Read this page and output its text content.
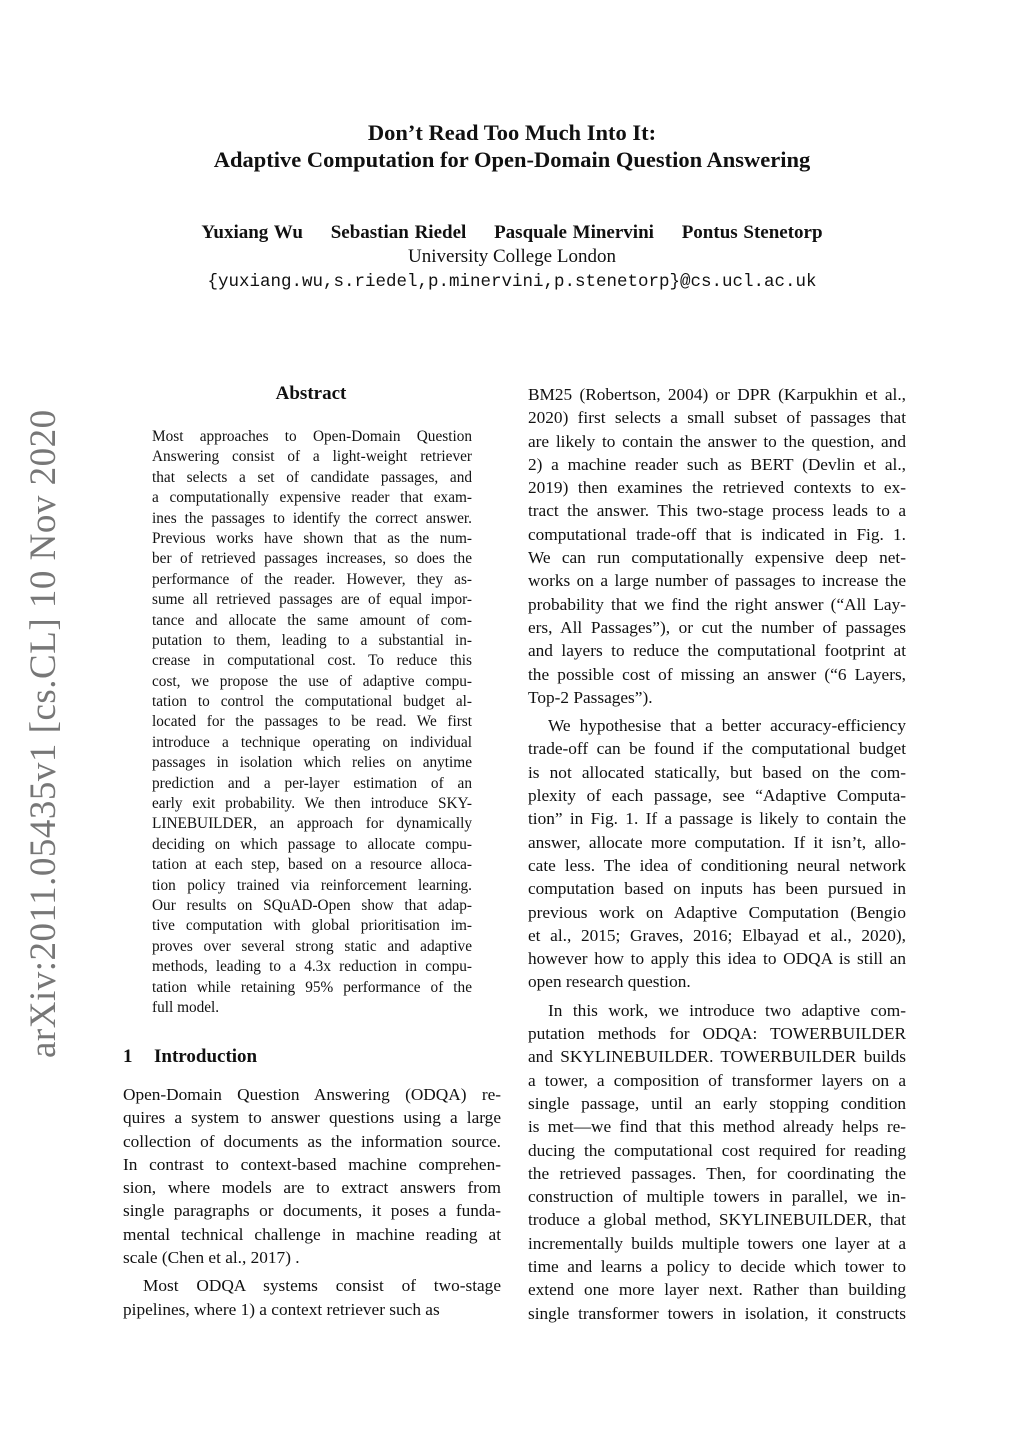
Don’t Read Too Much Into It:
Adaptive Computation for Open-Domain Question Answering
Yuxiang Wu Sebastian Riedel Pasquale Minervini Pontus Stenetorp
University College London
{yuxiang.wu,s.riedel,p.minervini,p.stenetorp}@cs.ucl.ac.uk
arXiv:2011.05435v1 [cs.CL] 10 Nov 2020
Abstract
Most approaches to Open-Domain Question
Answering consist of a light-weight retriever
that selects a set of candidate passages, and
a computationally expensive reader that exam-
ines the passages to identify the correct answer.
Previous works have shown that as the num-
ber of retrieved passages increases, so does the
performance of the reader. However, they as-
sume all retrieved passages are of equal impor-
tance and allocate the same amount of com-
putation to them, leading to a substantial in-
crease in computational cost. To reduce this
cost, we propose the use of adaptive compu-
tation to control the computational budget al-
located for the passages to be read. We first
introduce a technique operating on individual
passages in isolation which relies on anytime
prediction and a per-layer estimation of an
early exit probability. We then introduce SKY-
LINEBUILDER, an approach for dynamically
deciding on which passage to allocate compu-
tation at each step, based on a resource alloca-
tion policy trained via reinforcement learning.
Our results on SQuAD-Open show that adap-
tive computation with global prioritisation im-
proves over several strong static and adaptive
methods, leading to a 4.3x reduction in compu-
tation while retaining 95% performance of the
full model.
1 Introduction
Open-Domain Question Answering (ODQA) re-
quires a system to answer questions using a large
collection of documents as the information source.
In contrast to context-based machine comprehen-
sion, where models are to extract answers from
single paragraphs or documents, it poses a funda-
mental technical challenge in machine reading at
scale (Chen et al., 2017) .
Most ODQA systems consist of two-stage
pipelines, where 1) a context retriever such as
BM25 (Robertson, 2004) or DPR (Karpukhin et al.,
2020) first selects a small subset of passages that
are likely to contain the answer to the question, and
2) a machine reader such as BERT (Devlin et al.,
2019) then examines the retrieved contexts to ex-
tract the answer. This two-stage process leads to a
computational trade-off that is indicated in Fig. 1.
We can run computationally expensive deep net-
works on a large number of passages to increase the
probability that we find the right answer (“All Lay-
ers, All Passages”), or cut the number of passages
and layers to reduce the computational footprint at
the possible cost of missing an answer (“6 Layers,
Top-2 Passages”).
We hypothesise that a better accuracy-efficiency
trade-off can be found if the computational budget
is not allocated statically, but based on the com-
plexity of each passage, see “Adaptive Computa-
tion” in Fig. 1. If a passage is likely to contain the
answer, allocate more computation. If it isn’t, allo-
cate less. The idea of conditioning neural network
computation based on inputs has been pursued in
previous work on Adaptive Computation (Bengio
et al., 2015; Graves, 2016; Elbayad et al., 2020),
however how to apply this idea to ODQA is still an
open research question.
In this work, we introduce two adaptive com-
putation methods for ODQA: TOWERBUILDER
and SKYLINEBUILDER. TOWERBUILDER builds
a tower, a composition of transformer layers on a
single passage, until an early stopping condition
is met—we find that this method already helps re-
ducing the computational cost required for reading
the retrieved passages. Then, for coordinating the
construction of multiple towers in parallel, we in-
troduce a global method, SKYLINEBUILDER, that
incrementally builds multiple towers one layer at a
time and learns a policy to decide which tower to
extend one more layer next. Rather than building
single transformer towers in isolation, it constructs
